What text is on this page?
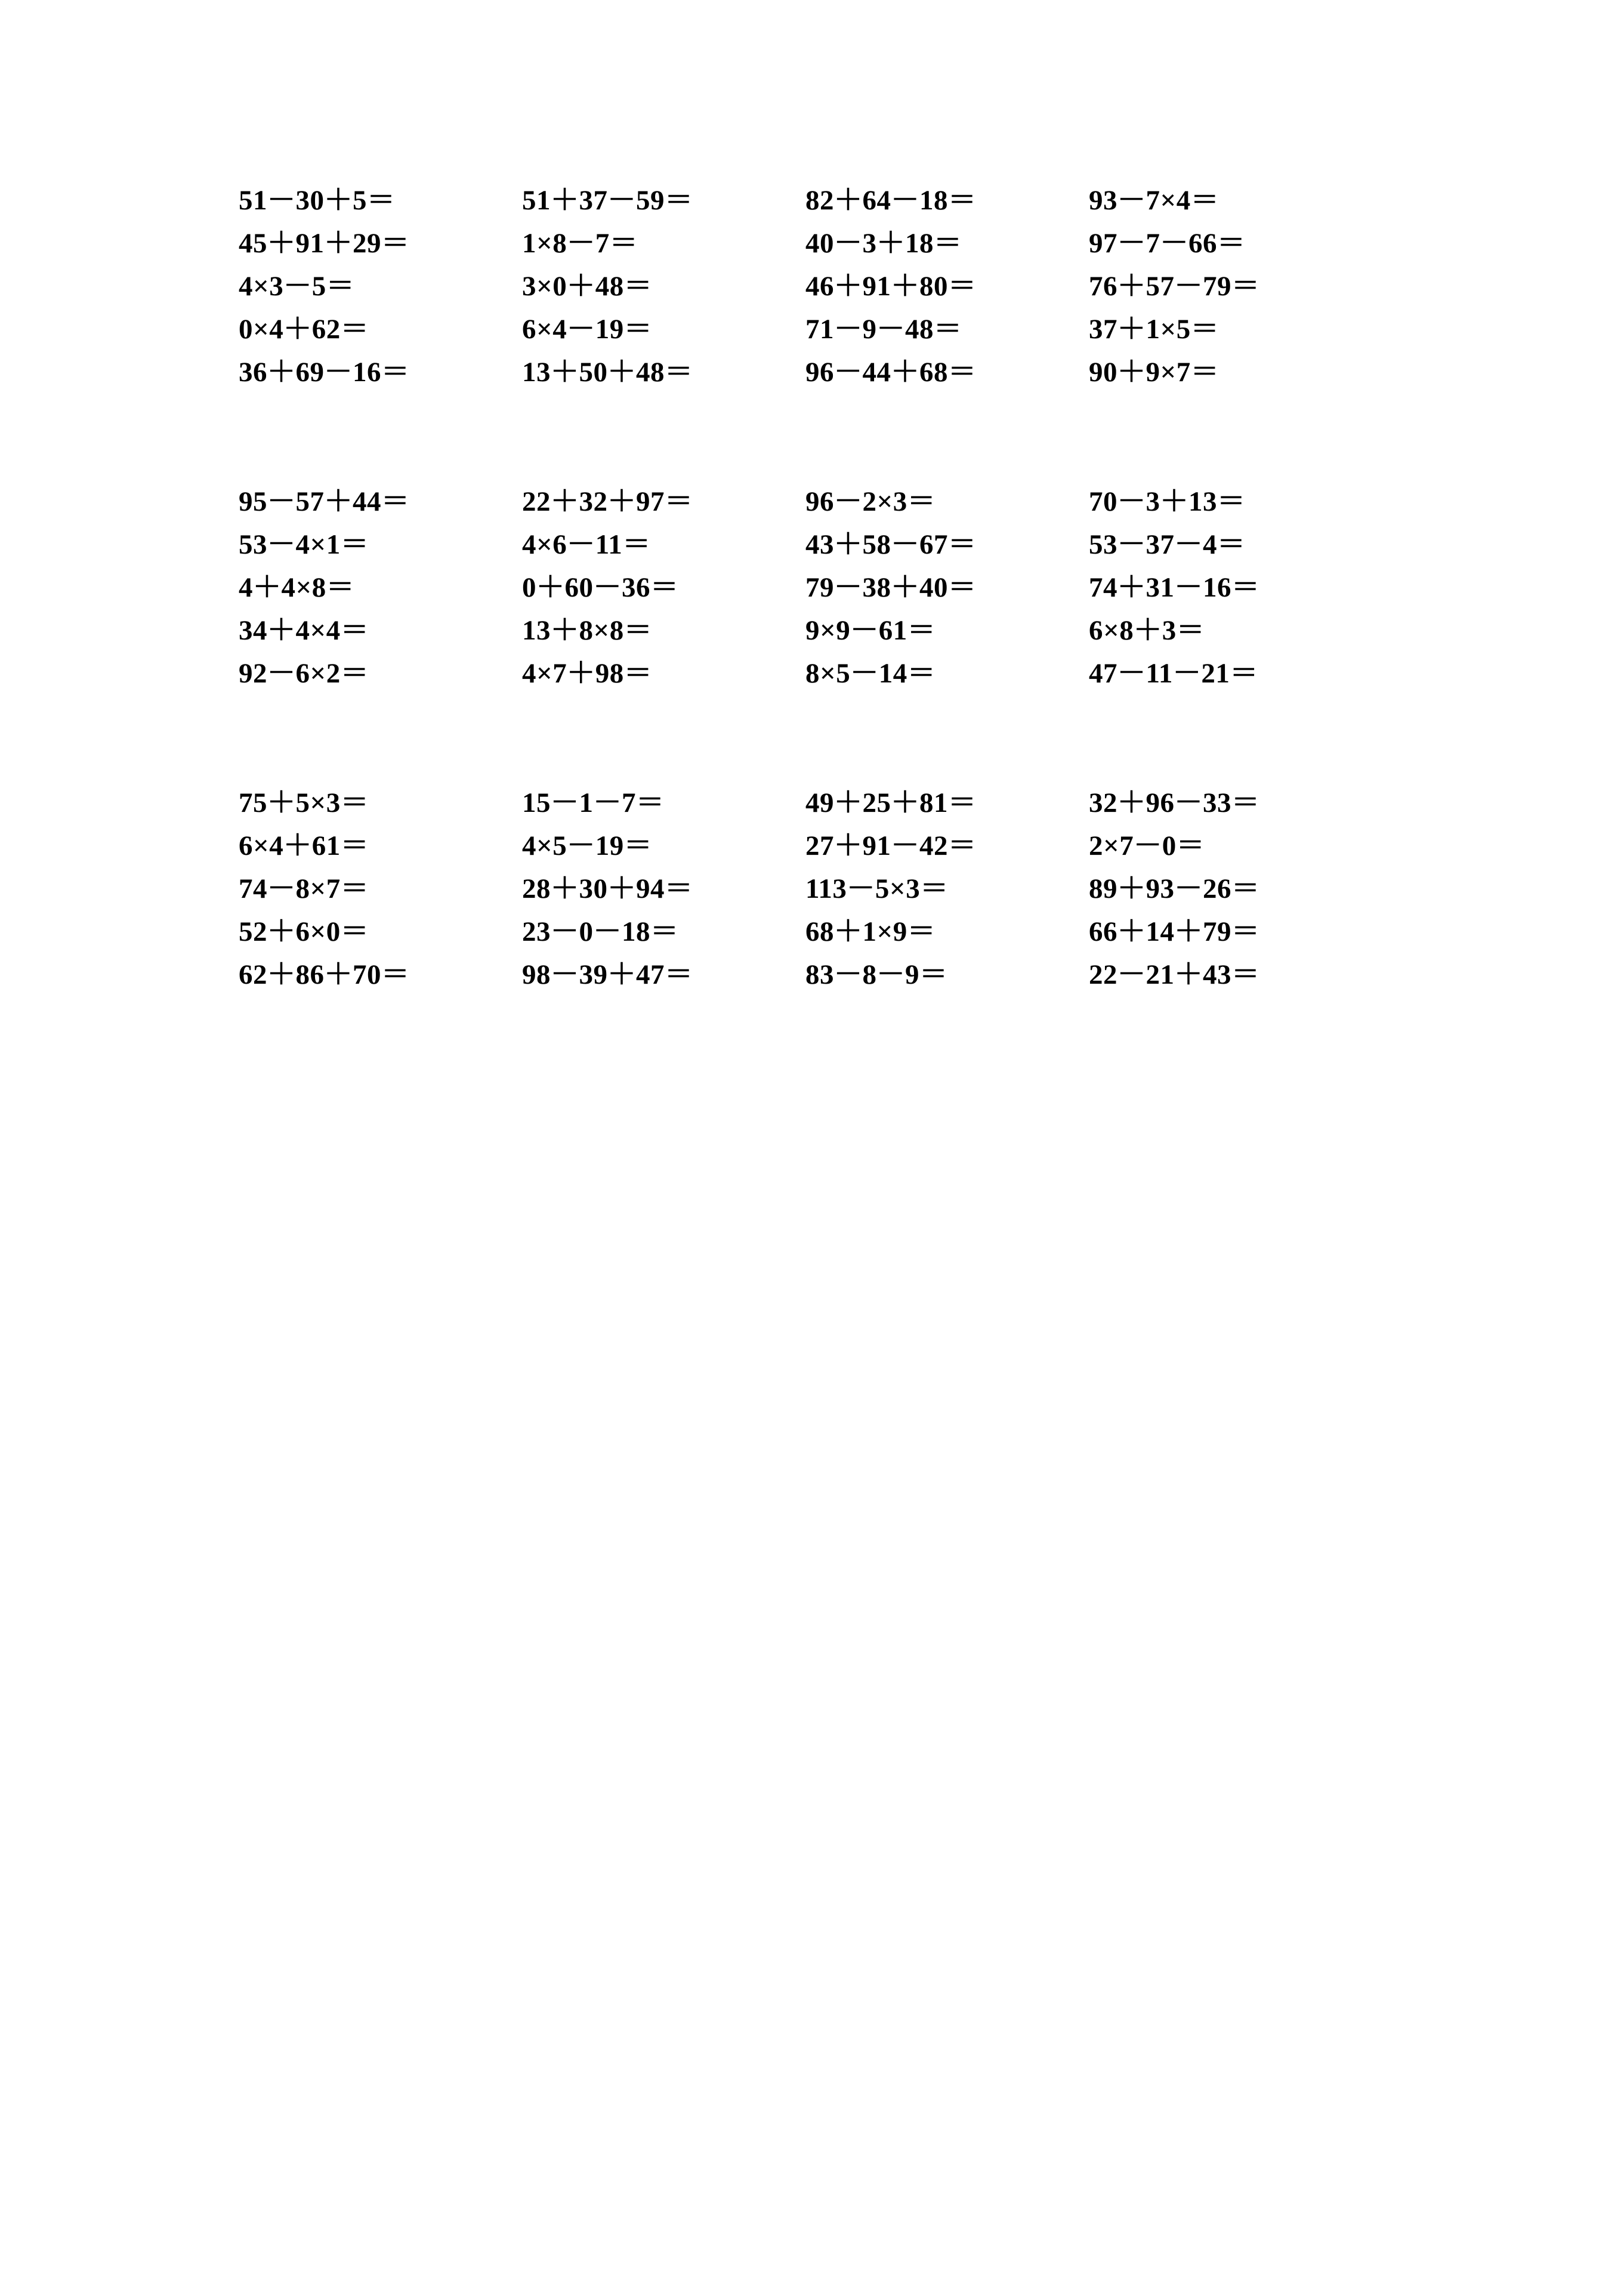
51－30＋5＝	51＋37－59＝	82＋64－18＝	93－7×4＝
45＋91＋29＝	1×8－7＝	40－3＋18＝	97－7－66＝
4×3－5＝	3×0＋48＝	46＋91＋80＝	76＋57－79＝
0×4＋62＝	6×4－19＝	71－9－48＝	37＋1×5＝
36＋69－16＝	13＋50＋48＝	96－44＋68＝	90＋9×7＝
95－57＋44＝	22＋32＋97＝	96－2×3＝	70－3＋13＝
53－4×1＝	4×6－11＝	43＋58－67＝	53－37－4＝
4＋4×8＝	0＋60－36＝	79－38＋40＝	74＋31－16＝
34＋4×4＝	13＋8×8＝	9×9－61＝	6×8＋3＝
92－6×2＝	4×7＋98＝	8×5－14＝	47－11－21＝
75＋5×3＝	15－1－7＝	49＋25＋81＝	32＋96－33＝
6×4＋61＝	4×5－19＝	27＋91－42＝	2×7－0＝
74－8×7＝	28＋30＋94＝	113－5×3＝	89＋93－26＝
52＋6×0＝	23－0－18＝	68＋1×9＝	66＋14＋79＝
62＋86＋70＝	98－39＋47＝	83－8－9＝	22－21＋43＝
